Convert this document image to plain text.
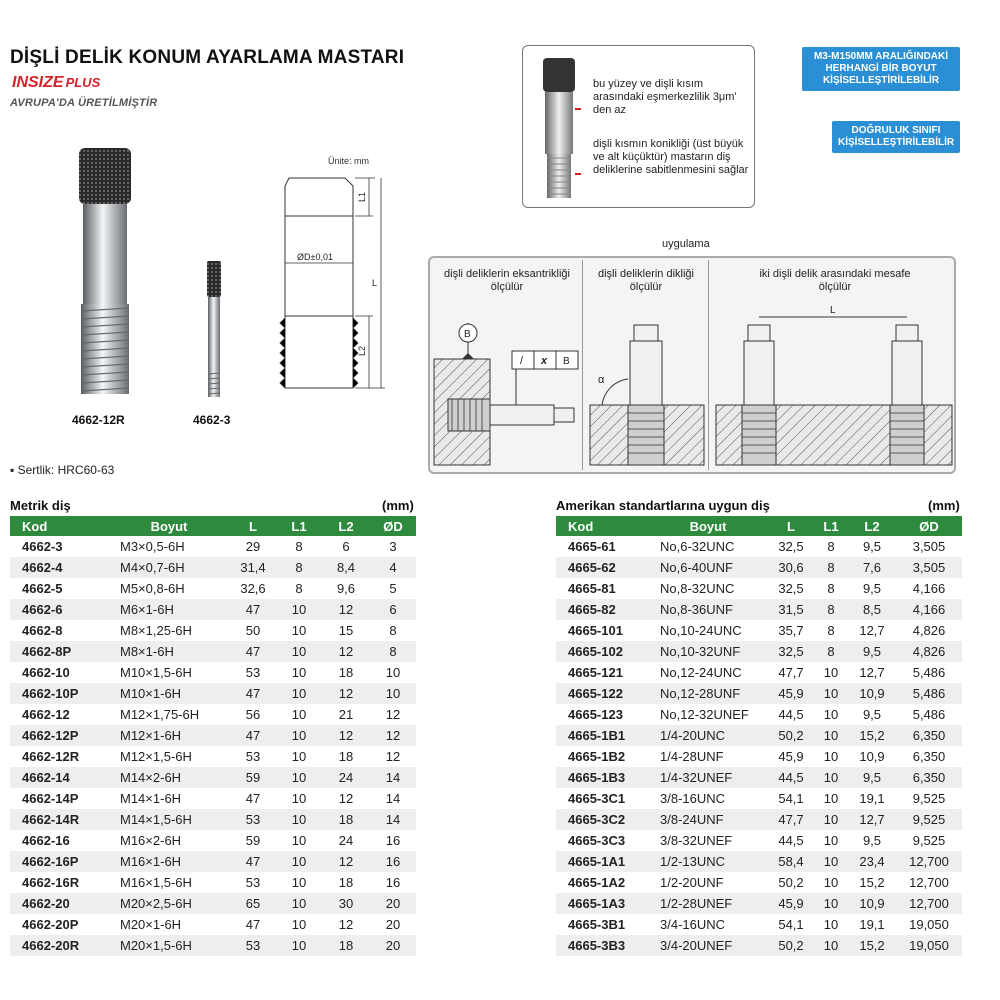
DİŞLİ DELİK KONUM AYARLAMA MASTARI
INSIZE PLUS
AVRUPA'DA ÜRETİLMİŞTİR
M3-M150MM ARALIĞINDAKİ HERHANGİ BİR BOYUT KİŞİSELLEŞTİRİLEBİLİR
DOĞRULUK SINIFI KİŞİSELLEŞTİRİLEBİLİR
bu yüzey ve dişli kısım arasındaki eşmerkezlilik 3μm' den az
dişli kısmın konikliği (üst büyük ve alt küçüktür) mastarın diş deliklerine sabitlenmesini sağlar
4662-12R	4662-3
Ünite: mm
ØD±0,01
L1
L
L2
uygulama
dişli deliklerin eksantrikliği ölçülür
dişli deliklerin dikliği ölçülür
iki dişli delik arasındaki mesafe ölçülür
B
/ x B
α
L
▪ Sertlik: HRC60-63
Metrik diş	(mm)
Kod	Boyut	L	L1	L2	ØD
4662-3	M3×0,5-6H	29	8	6	3
4662-4	M4×0,7-6H	31,4	8	8,4	4
4662-5	M5×0,8-6H	32,6	8	9,6	5
4662-6	M6×1-6H	47	10	12	6
4662-8	M8×1,25-6H	50	10	15	8
4662-8P	M8×1-6H	47	10	12	8
4662-10	M10×1,5-6H	53	10	18	10
4662-10P	M10×1-6H	47	10	12	10
4662-12	M12×1,75-6H	56	10	21	12
4662-12P	M12×1-6H	47	10	12	12
4662-12R	M12×1,5-6H	53	10	18	12
4662-14	M14×2-6H	59	10	24	14
4662-14P	M14×1-6H	47	10	12	14
4662-14R	M14×1,5-6H	53	10	18	14
4662-16	M16×2-6H	59	10	24	16
4662-16P	M16×1-6H	47	10	12	16
4662-16R	M16×1,5-6H	53	10	18	16
4662-20	M20×2,5-6H	65	10	30	20
4662-20P	M20×1-6H	47	10	12	20
4662-20R	M20×1,5-6H	53	10	18	20
Amerikan standartlarına uygun diş	(mm)
Kod	Boyut	L	L1	L2	ØD
4665-61	No,6-32UNC	32,5	8	9,5	3,505
4665-62	No,6-40UNF	30,6	8	7,6	3,505
4665-81	No,8-32UNC	32,5	8	9,5	4,166
4665-82	No,8-36UNF	31,5	8	8,5	4,166
4665-101	No,10-24UNC	35,7	8	12,7	4,826
4665-102	No,10-32UNF	32,5	8	9,5	4,826
4665-121	No,12-24UNC	47,7	10	12,7	5,486
4665-122	No,12-28UNF	45,9	10	10,9	5,486
4665-123	No,12-32UNEF	44,5	10	9,5	5,486
4665-1B1	1/4-20UNC	50,2	10	15,2	6,350
4665-1B2	1/4-28UNF	45,9	10	10,9	6,350
4665-1B3	1/4-32UNEF	44,5	10	9,5	6,350
4665-3C1	3/8-16UNC	54,1	10	19,1	9,525
4665-3C2	3/8-24UNF	47,7	10	12,7	9,525
4665-3C3	3/8-32UNEF	44,5	10	9,5	9,525
4665-1A1	1/2-13UNC	58,4	10	23,4	12,700
4665-1A2	1/2-20UNF	50,2	10	15,2	12,700
4665-1A3	1/2-28UNEF	45,9	10	10,9	12,700
4665-3B1	3/4-16UNC	54,1	10	19,1	19,050
4665-3B3	3/4-20UNEF	50,2	10	15,2	19,050
